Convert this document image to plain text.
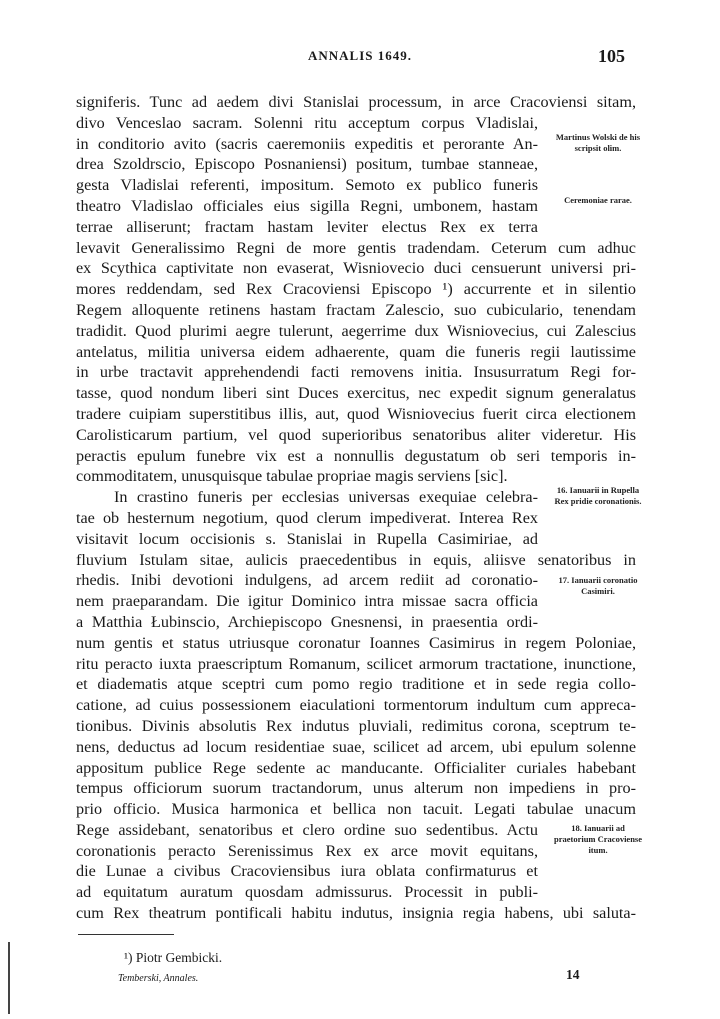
ANNALIS 1649.	105
signiferis. Tunc ad aedem divi Stanislai processum, in arce Cracoviensi sitam,
divo Venceslao sacram. Solenni ritu acceptum corpus Vladislai,
in conditorio avito (sacris caeremoniis expeditis et perorante An-
drea Szoldrscio, Episcopo Posnaniensi) positum, tumbae stanneae,
gesta Vladislai referenti, impositum. Semoto ex publico funeris
theatro Vladislao officiales eius sigilla Regni, umbonem, hastam
terrae alliserunt; fractam hastam leviter electus Rex ex terra
levavit Generalissimo Regni de more gentis tradendam. Ceterum cum adhuc
ex Scythica captivitate non evaserat, Wisniovecio duci censuerunt universi pri-
mores reddendam, sed Rex Cracoviensi Episcopo ¹) accurrente et in silentio
Regem alloquente retinens hastam fractam Zalescio, suo cubiculario, tenendam
tradidit. Quod plurimi aegre tulerunt, aegerrime dux Wisniovecius, cui Zalescius
antelatus, militia universa eidem adhaerente, quam die funeris regii lautissime
in urbe tractavit apprehendendi facti removens initia. Insusurratum Regi for-
tasse, quod nondum liberi sint Duces exercitus, nec expedit signum generalatus
tradere cuipiam superstitibus illis, aut, quod Wisniovecius fuerit circa electionem
Carolisticarum partium, vel quod superioribus senatoribus aliter videretur. His
peractis epulum funebre vix est a nonnullis degustatum ob seri temporis in-
commoditatem, unusquisque tabulae propriae magis serviens [sic].
In crastino funeris per ecclesias universas exequiae celebra-
tae ob hesternum negotium, quod clerum impediverat. Interea Rex
visitavit locum occisionis s. Stanislai in Rupella Casimiriae, ad
fluvium Istulam sitae, aulicis praecedentibus in equis, aliisve senatoribus in
rhedis. Inibi devotioni indulgens, ad arcem rediit ad coronatio-
nem praeparandam. Die igitur Dominico intra missae sacra officia
a Matthia Łubinscio, Archiepiscopo Gnesnensi, in praesentia ordi-
num gentis et status utriusque coronatur Ioannes Casimirus in regem Poloniae,
ritu peracto iuxta praescriptum Romanum, scilicet armorum tractatione, inunctione,
et diadematis atque sceptri cum pomo regio traditione et in sede regia collo-
catione, ad cuius possessionem eiaculationi tormentorum indultum cum appreca-
tionibus. Divinis absolutis Rex indutus pluviali, redimitus corona, sceptrum te-
nens, deductus ad locum residentiae suae, scilicet ad arcem, ubi epulum solenne
appositum publice Rege sedente ac manducante. Officialiter curiales habebant
tempus officiorum suorum tractandorum, unus alterum non impediens in pro-
prio officio. Musica harmonica et bellica non tacuit. Legati tabulae unacum
Rege assidebant, senatoribus et clero ordine suo sedentibus. Actu
coronationis peracto Serenissimus Rex ex arce movit equitans,
die Lunae a civibus Cracoviensibus iura oblata confirmaturus et
ad equitatum auratum quosdam admissurus. Processit in publi-
cum Rex theatrum pontificali habitu indutus, insignia regia habens, ubi saluta-
Martinus Wolski de his scripsit olim.
Ceremoniae rarae.
16. Ianuarii in Rupella Rex pridie coronationis.
17. Ianuarii coronatio Casimiri.
18. Ianuarii ad praetorium Cracoviense itum.
¹) Piotr Gembicki.
Temberski, Annales.	14
